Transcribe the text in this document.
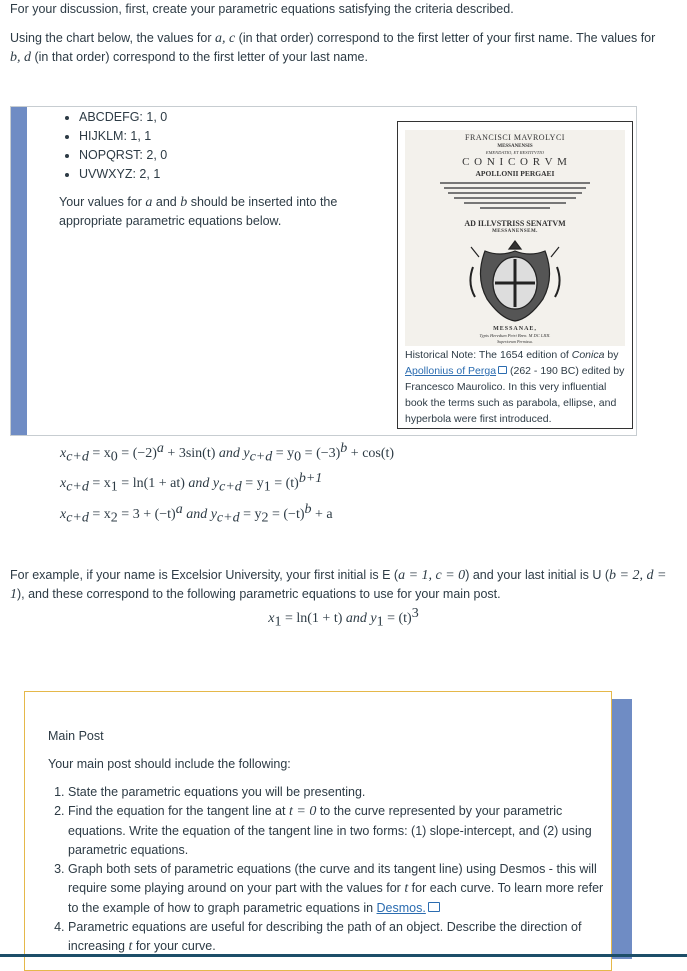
For your discussion, first, create your parametric equations satisfying the criteria described.

Using the chart below, the values for a, c (in that order) correspond to the first letter of your first name. The values for b, d (in that order) correspond to the first letter of your last name.

• ABCDEFG: 1, 0
• HIJKLM: 1, 1
• NOPQRST: 2, 0
• UVWXYZ: 2, 1
Your values for a and b should be inserted into the appropriate parametric equations below.
FRANCISCI MAVROLYCI
MESSANENSIS
EMENDATIO, ET RESTITVTIO
C O N I C O R V M
APOLLONII PERGAEI
AD ILLVSTRISS SENATVM
MESSANENSEM.
MESSANAE,
Typis Heredum Petri Bren. M DC LIIII.
Superiorum Permissu.
Historical Note: The 1654 edition of Conica by Apollonius of Perga (262 - 190 BC) edited by Francesco Maurolico. In this very influential book the terms such as parabola, ellipse, and hyperbola were first introduced.
$x_{c+d} = x_0 = (-2)^a + 3\sin(t)$ and $y_{c+d} = y_0 = (-3)^b + \cos(t)$
$x_{c+d} = x_1 = \ln(1 + at)$ and $y_{c+d} = y_1 = (t)^{b+1}$
$x_{c+d} = x_2 = 3 + (-t)^a$ and $y_{c+d} = y_2 = (-t)^b + a$

For example, if your name is Excelsior University, your first initial is E (a = 1, c = 0) and your last initial is U (b = 2, d = 1), and these correspond to the following parametric equations to use for your main post.

$x_1 = \ln(1 + t)$ and $y_1 = (t)^3$
Main Post
Your main post should include the following:
1. State the parametric equations you will be presenting.
2. Find the equation for the tangent line at t = 0 to the curve represented by your parametric equations. Write the equation of the tangent line in two forms: (1) slope-intercept, and (2) using parametric equations.
3. Graph both sets of parametric equations (the curve and its tangent line) using Desmos - this will require some playing around on your part with the values for t for each curve. To learn more refer to the example of how to graph parametric equations in Desmos.
4. Parametric equations are useful for describing the path of an object. Describe the direction of increasing t for your curve.
